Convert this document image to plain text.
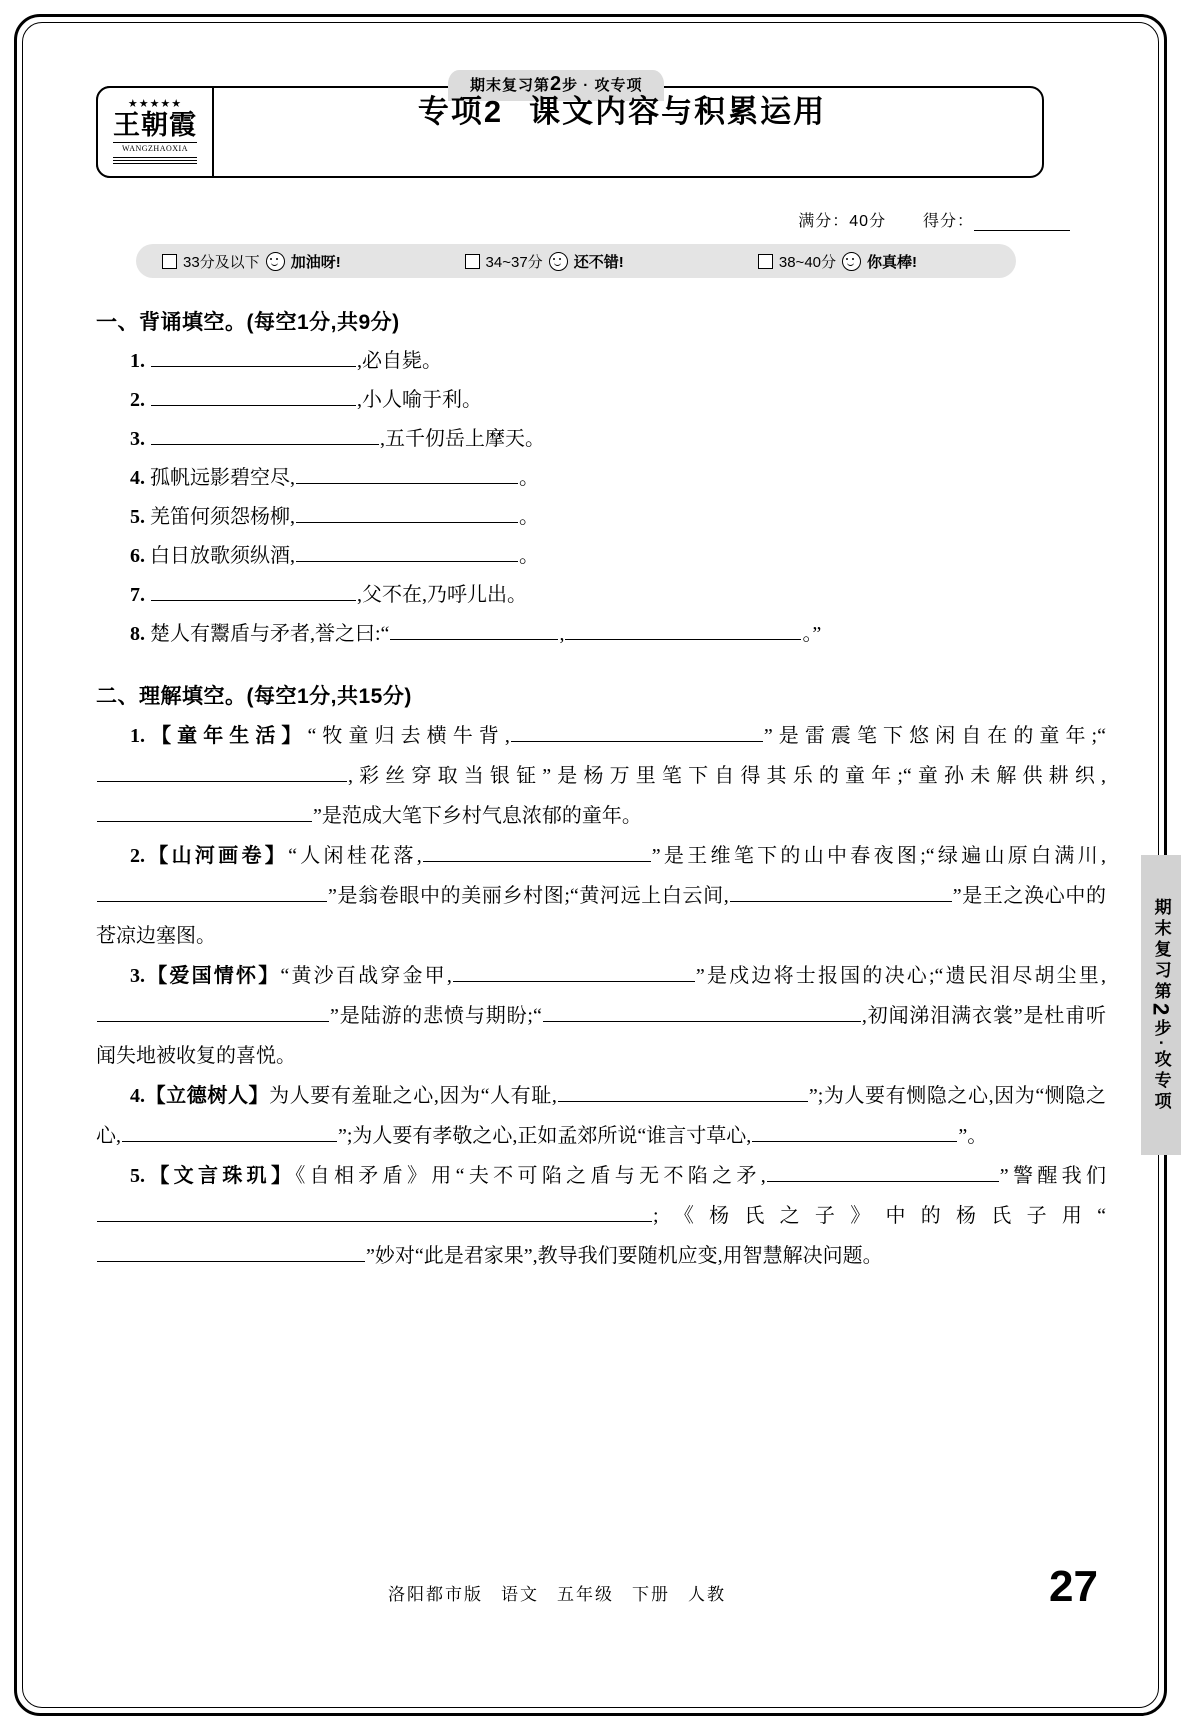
★★★★★
王朝霞
WANGZHAOXIA
期末复习第2步 · 攻专项
专项2 课文内容与积累运用
满分：40分 得分：
33分及以下 加油呀!	34~37分 还不错!	38~40分 你真棒!
一、背诵填空。(每空1分,共9分)
1.	,必自毙。
2.	,小人喻于利。
3.	,五千仞岳上摩天。
4. 孤帆远影碧空尽,	。
5. 羌笛何须怨杨柳,	。
6. 白日放歌须纵酒,	。
7.	,父不在,乃呼儿出。
8. 楚人有鬻盾与矛者,誉之曰:“	,	。”
二、理解填空。(每空1分,共15分)
1.【童年生活】“牧童归去横牛背,	”是雷震笔下悠闲自在的童年;“,彩丝穿取当银钲”是杨万里笔下自得其乐的童年;“童孙未解供耕织,”是范成大笔下乡村气息浓郁的童年。
2.【山河画卷】“人闲桂花落,	”是王维笔下的山中春夜图;“绿遍山原白满川,”是翁卷眼中的美丽乡村图;“黄河远上白云间,	”是王之涣心中的苍凉边塞图。
3.【爱国情怀】“黄沙百战穿金甲,	”是戍边将士报国的决心;“遗民泪尽胡尘里,”是陆游的悲愤与期盼;“	,初闻涕泪满衣裳”是杜甫听闻失地被收复的喜悦。
4.【立德树人】为人要有羞耻之心,因为“人有耻,	”;为人要有恻隐之心,因为“恻隐之心,	”;为人要有孝敬之心,正如孟郊所说“谁言寸草心,	”。
5.【文言珠玑】《自相矛盾》用“夫不可陷之盾与无不陷之矛,	”警醒我们;《杨氏之子》中的杨氏子用“”妙对“此是君家果”,教导我们要随机应变,用智慧解决问题。
洛阳都市版 语文 五年级 下册 人教	27
期末复习第2步·攻专项
